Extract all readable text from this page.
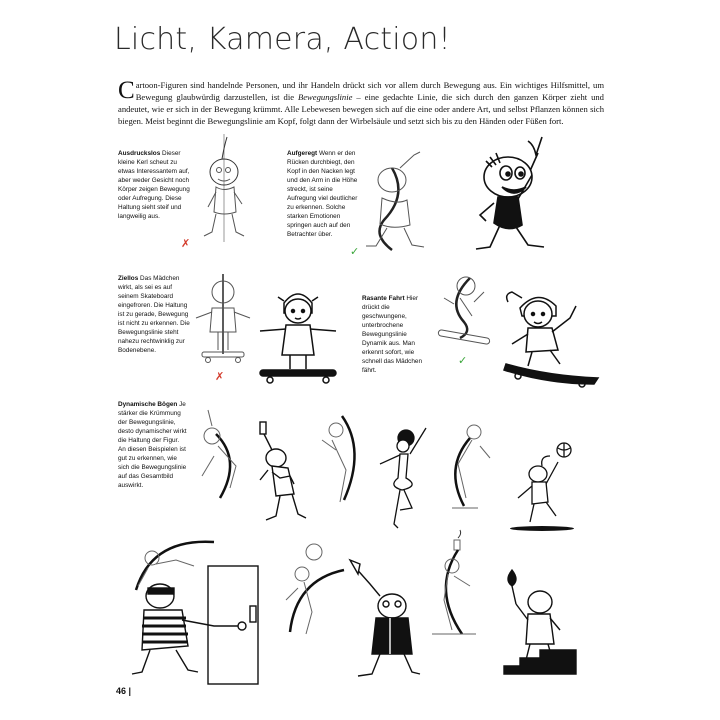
Licht, Kamera, Action!

Cartoon-Figuren sind handelnde Personen, und ihr Handeln drückt sich vor allem durch Bewegung aus. Ein wichtiges Hilfsmittel, um Bewegung glaubwürdig darzustellen, ist die Bewegungslinie – eine gedachte Linie, die sich durch den ganzen Körper zieht und andeutet, wie er sich in der Bewegung krümmt. Alle Lebewesen bewegen sich auf die eine oder andere Art, und selbst Pflanzen können sich biegen. Meist beginnt die Bewegungslinie am Kopf, folgt dann der Wirbelsäule und setzt sich bis zu den Händen oder Füßen fort.

Ausdruckslos Dieser kleine Kerl scheut zu etwas Interessantem auf, aber weder Gesicht noch Körper zeigen Bewegung oder Aufregung. Diese Haltung sieht steif und langweilig aus.
Aufgeregt Wenn er den Rücken durchbiegt, den Kopf in den Nacken legt und den Arm in die Höhe streckt, ist seine Aufregung viel deutlicher zu erkennen. Solche starken Emotionen springen auch auf den Betrachter über.
Ziellos Das Mädchen wirkt, als sei es auf seinem Skateboard eingefroren. Die Haltung ist zu gerade, Bewegung ist nicht zu erkennen. Die Bewegungslinie steht nahezu rechtwinklig zur Bodenebene.
Rasante Fahrt Hier drückt die geschwungene, unterbrochene Bewegungslinie Dynamik aus. Man erkennt sofort, wie schnell das Mädchen fährt.
Dynamische Bögen Je stärker die Krümmung der Bewegungslinie, desto dynamischer wirkt die Haltung der Figur. An diesen Beispielen ist gut zu erkennen, wie sich die Bewegungslinie auf das Gesamtbild auswirkt.
✗
✓
✗
✓
46 |
